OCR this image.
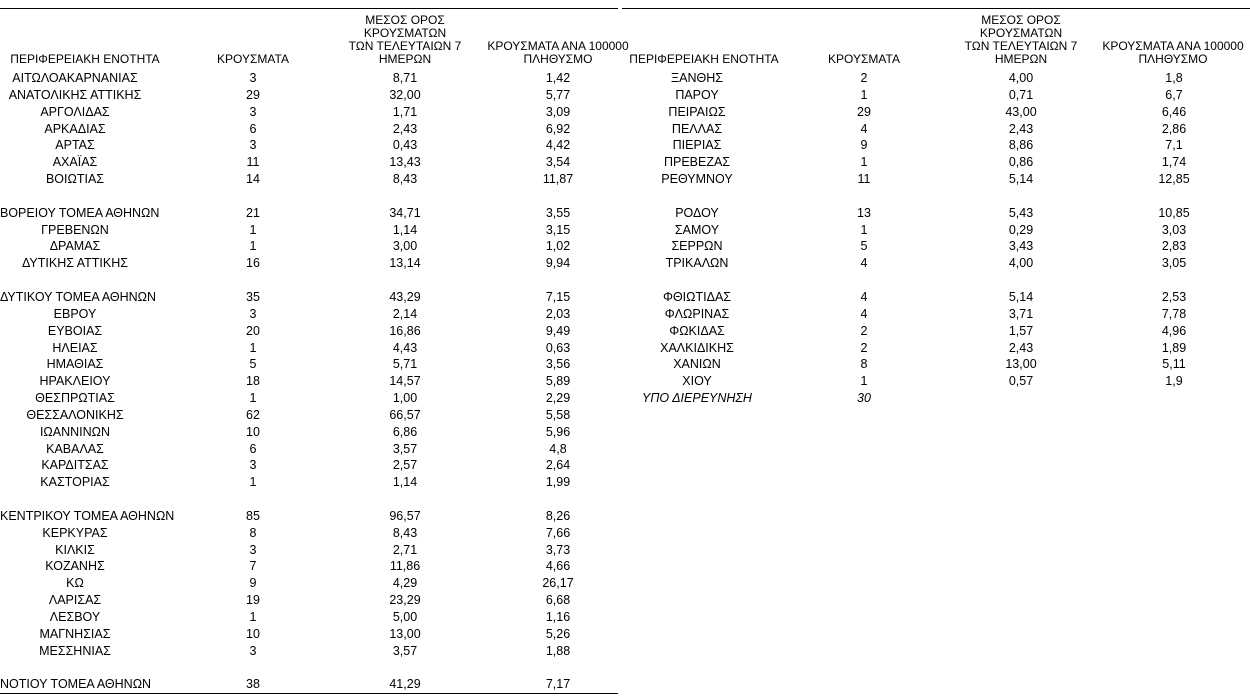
ΠΕΡΙΦΕΡΕΙΑΚΗ ΕΝΟΤΗΤΑ	ΚΡΟΥΣΜΑΤΑ
ΜΕΣΟΣ ΟΡΟΣ ΚΡΟΥΣΜΑΤΩΝ
ΤΩΝ ΤΕΛΕΥΤΑΙΩΝ 7
ΗΜΕΡΩΝ
ΚΡΟΥΣΜΑΤΑ ΑΝΑ 100000
ΠΛΗΘΥΣΜΟ
ΑΙΤΩΛΟΑΚΑΡΝΑΝΙΑΣ	3	8,71	1,42
ΑΝΑΤΟΛΙΚΗΣ ΑΤΤΙΚΗΣ	29	32,00	5,77
ΑΡΓΟΛΙΔΑΣ	3	1,71	3,09
ΑΡΚΑΔΙΑΣ	6	2,43	6,92
ΑΡΤΑΣ	3	0,43	4,42
ΑΧΑΪΑΣ	11	13,43	3,54
ΒΟΙΩΤΙΑΣ	14	8,43	11,87
ΒΟΡΕΙΟΥ ΤΟΜΕΑ ΑΘΗΝΩΝ	21	34,71	3,55
ΓΡΕΒΕΝΩΝ	1	1,14	3,15
ΔΡΑΜΑΣ	1	3,00	1,02
ΔΥΤΙΚΗΣ ΑΤΤΙΚΗΣ	16	13,14	9,94
ΔΥΤΙΚΟΥ ΤΟΜΕΑ ΑΘΗΝΩΝ	35	43,29	7,15
ΕΒΡΟΥ	3	2,14	2,03
ΕΥΒΟΙΑΣ	20	16,86	9,49
ΗΛΕΙΑΣ	1	4,43	0,63
ΗΜΑΘΙΑΣ	5	5,71	3,56
ΗΡΑΚΛΕΙΟΥ	18	14,57	5,89
ΘΕΣΠΡΩΤΙΑΣ	1	1,00	2,29
ΘΕΣΣΑΛΟΝΙΚΗΣ	62	66,57	5,58
ΙΩΑΝΝΙΝΩΝ	10	6,86	5,96
ΚΑΒΑΛΑΣ	6	3,57	4,8
ΚΑΡΔΙΤΣΑΣ	3	2,57	2,64
ΚΑΣΤΟΡΙΑΣ	1	1,14	1,99
ΚΕΝΤΡΙΚΟΥ ΤΟΜΕΑ ΑΘΗΝΩΝ	85	96,57	8,26
ΚΕΡΚΥΡΑΣ	8	8,43	7,66
ΚΙΛΚΙΣ	3	2,71	3,73
ΚΟΖΑΝΗΣ	7	11,86	4,66
ΚΩ	9	4,29	26,17
ΛΑΡΙΣΑΣ	19	23,29	6,68
ΛΕΣΒΟΥ	1	5,00	1,16
ΜΑΓΝΗΣΙΑΣ	10	13,00	5,26
ΜΕΣΣΗΝΙΑΣ	3	3,57	1,88
ΝΟΤΙΟΥ ΤΟΜΕΑ ΑΘΗΝΩΝ	38	41,29	7,17
ΠΕΡΙΦΕΡΕΙΑΚΗ ΕΝΟΤΗΤΑ	ΚΡΟΥΣΜΑΤΑ
ΜΕΣΟΣ ΟΡΟΣ ΚΡΟΥΣΜΑΤΩΝ
ΤΩΝ ΤΕΛΕΥΤΑΙΩΝ 7
ΗΜΕΡΩΝ
ΚΡΟΥΣΜΑΤΑ ΑΝΑ 100000
ΠΛΗΘΥΣΜΟ
ΞΑΝΘΗΣ	2	4,00	1,8
ΠΑΡΟΥ	1	0,71	6,7
ΠΕΙΡΑΙΩΣ	29	43,00	6,46
ΠΕΛΛΑΣ	4	2,43	2,86
ΠΙΕΡΙΑΣ	9	8,86	7,1
ΠΡΕΒΕΖΑΣ	1	0,86	1,74
ΡΕΘΥΜΝΟΥ	11	5,14	12,85
ΡΟΔΟΥ	13	5,43	10,85
ΣΑΜΟΥ	1	0,29	3,03
ΣΕΡΡΩΝ	5	3,43	2,83
ΤΡΙΚΑΛΩΝ	4	4,00	3,05
ΦΘΙΩΤΙΔΑΣ	4	5,14	2,53
ΦΛΩΡΙΝΑΣ	4	3,71	7,78
ΦΩΚΙΔΑΣ	2	1,57	4,96
ΧΑΛΚΙΔΙΚΗΣ	2	2,43	1,89
ΧΑΝΙΩΝ	8	13,00	5,11
ΧΙΟΥ	1	0,57	1,9
ΥΠΟ ΔΙΕΡΕΥΝΗΣΗ	30
